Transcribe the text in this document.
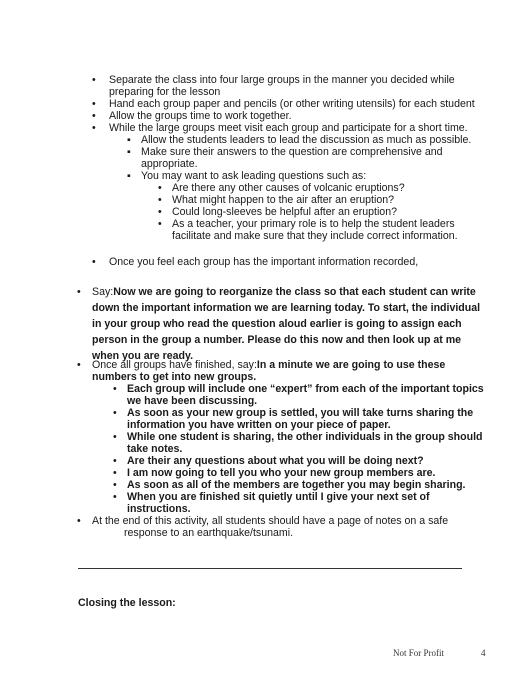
• Separate the class into four large groups in the manner you decided while
preparing for the lesson
• Hand each group paper and pencils (or other writing utensils) for each student
• Allow the groups time to work together.
• While the large groups meet visit each group and participate for a short time.
▪ Allow the students leaders to lead the discussion as much as possible.
▪ Make sure their answers to the question are comprehensive and
appropriate.
▪ You may want to ask leading questions such as:
• Are there any other causes of volcanic eruptions?
• What might happen to the air after an eruption?
• Could long-sleeves be helpful after an eruption?
• As a teacher, your primary role is to help the student leaders
facilitate and make sure that they include correct information.
• Once you feel each group has the important information recorded,
• Say: Now we are going to reorganize the class so that each student can write
down the important information we are learning today. To start, the individual
in your group who read the question aloud earlier is going to assign each
person in the group a number. Please do this now and then look up at me
when you are ready.
• Once all groups have finished, say: In a minute we are going to use these
numbers to get into new groups.
• Each group will include one “expert” from each of the important topics
we have been discussing.
• As soon as your new group is settled, you will take turns sharing the
information you have written on your piece of paper.
• While one student is sharing, the other individuals in the group should
take notes.
• Are their any questions about what you will be doing next?
• I am now going to tell you who your new group members are.
• As soon as all of the members are together you may begin sharing.
• When you are finished sit quietly until I give your next set of
instructions.
• At the end of this activity, all students should have a page of notes on a safe
response to an earthquake/tsunami.
Closing the lesson:
Not For Profit	4
